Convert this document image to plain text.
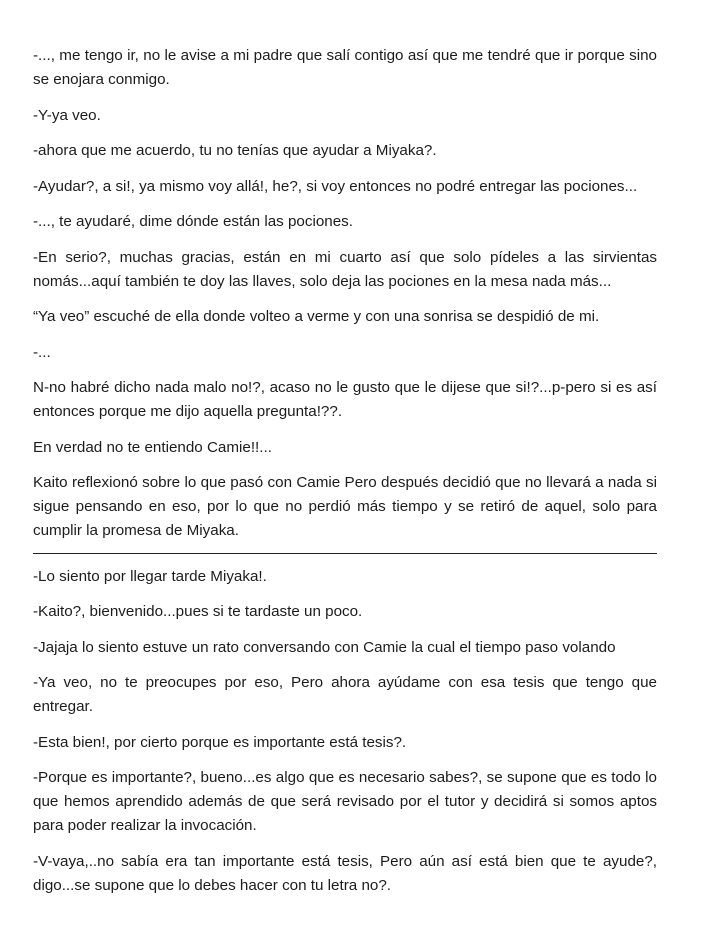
-..., me tengo ir, no le avise a mi padre que salí contigo así que me tendré que ir porque sino se enojara conmigo.

-Y-ya veo.

-ahora que me acuerdo, tu no tenías que ayudar a Miyaka?.

-Ayudar?, a si!, ya mismo voy allá!, he?, si voy entonces no podré entregar las pociones...

-..., te ayudaré, dime dónde están las pociones.

-En serio?, muchas gracias, están en mi cuarto así que solo pídeles a las sirvientas nomás...aquí también te doy las llaves, solo deja las pociones en la mesa nada más...

“Ya veo” escuché de ella donde volteo a verme y con una sonrisa se despidió de mi.

-...

N-no habré dicho nada malo no!?, acaso no le gusto que le dijese que si!?...p-pero si es así entonces porque me dijo aquella pregunta!??.

En verdad no te entiendo Camie!!...

Kaito reflexionó sobre lo que pasó con Camie Pero después decidió que no llevará a nada si sigue pensando en eso, por lo que no perdió más tiempo y se retiró de aquel, solo para cumplir la promesa de Miyaka.

-Lo siento por llegar tarde Miyaka!.

-Kaito?, bienvenido...pues si te tardaste un poco.

-Jajaja lo siento estuve un rato conversando con Camie la cual el tiempo paso volando

-Ya veo, no te preocupes por eso, Pero ahora ayúdame con esa tesis que tengo que entregar.

-Esta bien!, por cierto porque es importante está tesis?.

-Porque es importante?, bueno...es algo que es necesario sabes?, se supone que es todo lo que hemos aprendido además de que será revisado por el tutor y decidirá si somos aptos para poder realizar la invocación.

-V-vaya,..no sabía era tan importante está tesis, Pero aún así está bien que te ayude?, digo...se supone que lo debes hacer con tu letra no?.
